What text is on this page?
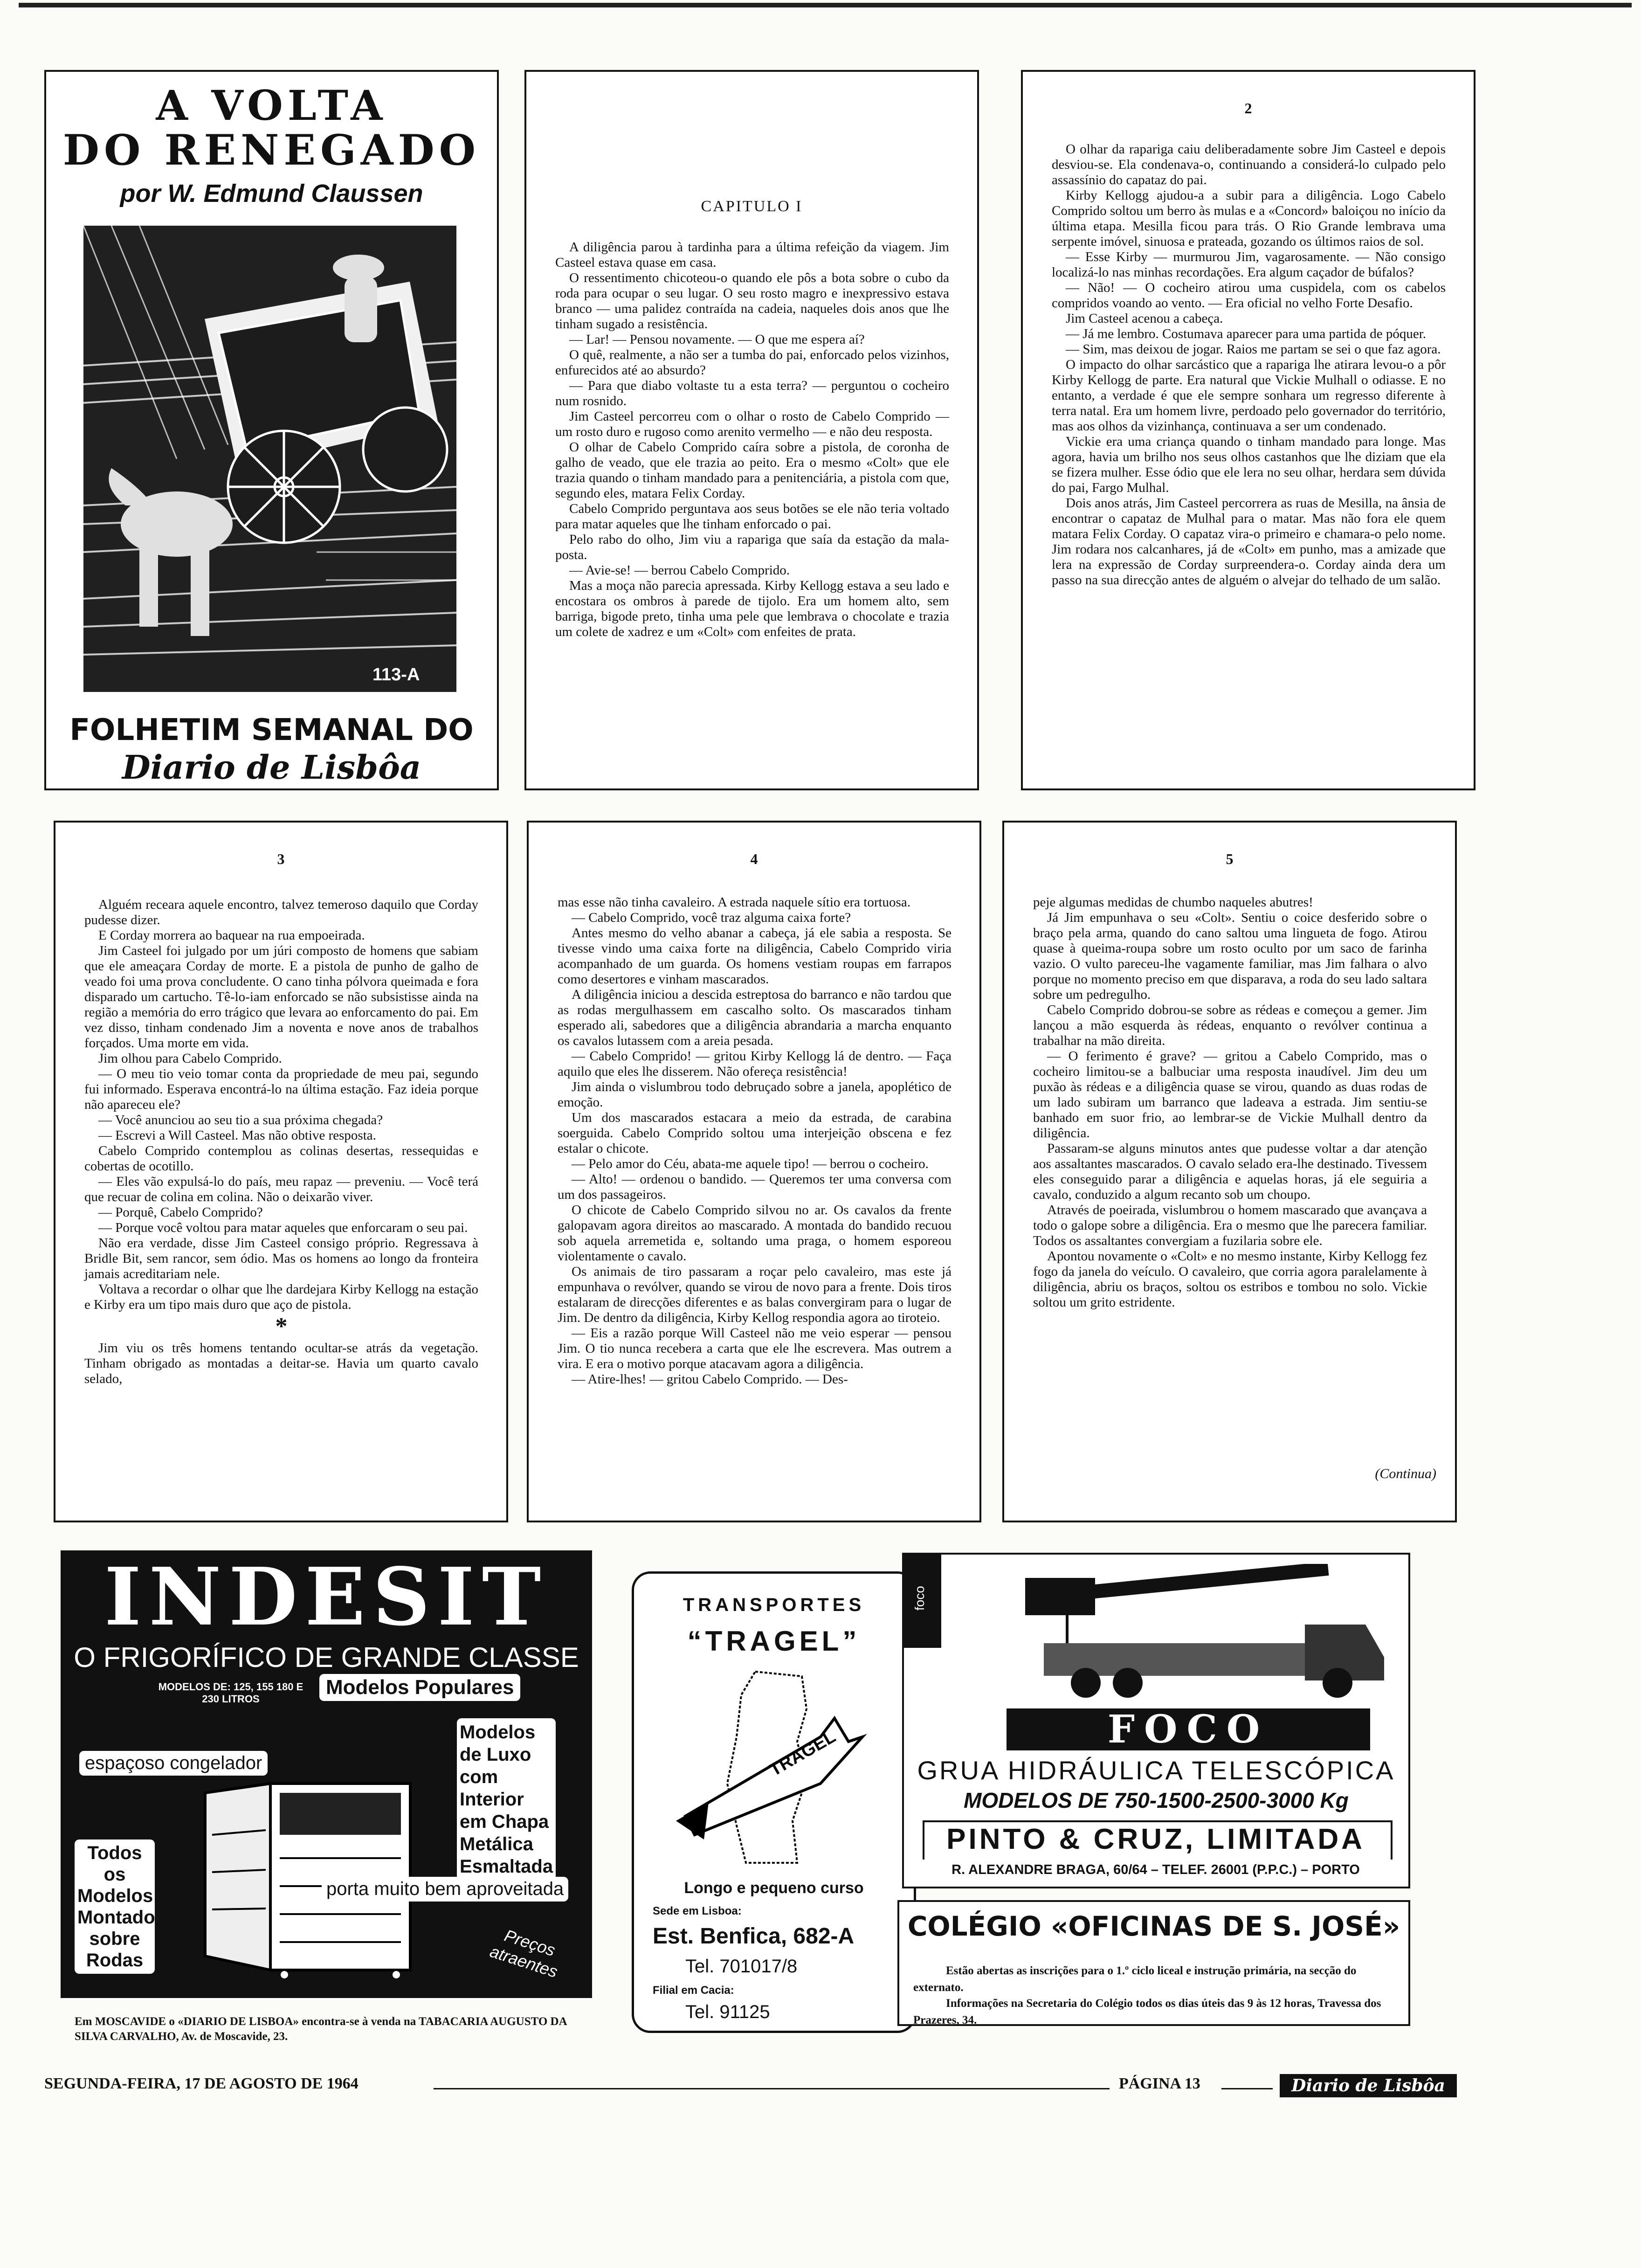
A VOLTA
DO RENEGADO
por W. Edmund Claussen
113-A
FOLHETIM SEMANAL DO
Diario de Lisbôa
CAPITULO I

A diligência parou à tardinha para a última refeição da viagem. Jim Casteel estava quase em casa.

O ressentimento chicoteou-o quando ele pôs a bota sobre o cubo da roda para ocupar o seu lugar. O seu rosto magro e inexpressivo estava branco — uma palidez contraída na cadeia, naqueles dois anos que lhe tinham sugado a resistência.

— Lar! — Pensou novamente. — O que me espera aí?

O quê, realmente, a não ser a tumba do pai, enforcado pelos vizinhos, enfurecidos até ao absurdo?

— Para que diabo voltaste tu a esta terra? — perguntou o cocheiro num rosnido.

Jim Casteel percorreu com o olhar o rosto de Cabelo Comprido — um rosto duro e rugoso como arenito vermelho — e não deu resposta.

O olhar de Cabelo Comprido caíra sobre a pistola, de coronha de galho de veado, que ele trazia ao peito. Era o mesmo «Colt» que ele trazia quando o tinham mandado para a penitenciária, a pistola com que, segundo eles, matara Felix Corday.

Cabelo Comprido perguntava aos seus botões se ele não teria voltado para matar aqueles que lhe tinham enforcado o pai.

Pelo rabo do olho, Jim viu a rapariga que saía da estação da mala-posta.

— Avie-se! — berrou Cabelo Comprido.

Mas a moça não parecia apressada. Kirby Kellogg estava a seu lado e encostara os ombros à parede de tijolo. Era um homem alto, sem barriga, bigode preto, tinha uma pele que lembrava o chocolate e trazia um colete de xadrez e um «Colt» com enfeites de prata.

2

O olhar da rapariga caiu deliberadamente sobre Jim Casteel e depois desviou-se. Ela condenava-o, continuando a considerá-lo culpado pelo assassínio do capataz do pai.

Kirby Kellogg ajudou-a a subir para a diligência. Logo Cabelo Comprido soltou um berro às mulas e a «Concord» baloiçou no início da última etapa. Mesilla ficou para trás. O Rio Grande lembrava uma serpente imóvel, sinuosa e prateada, gozando os últimos raios de sol.

— Esse Kirby — murmurou Jim, vagarosamente. — Não consigo localizá-lo nas minhas recordações. Era algum caçador de búfalos?

— Não! — O cocheiro atirou uma cuspidela, com os cabelos compridos voando ao vento. — Era oficial no velho Forte Desafio.

Jim Casteel acenou a cabeça.

— Já me lembro. Costumava aparecer para uma partida de póquer.

— Sim, mas deixou de jogar. Raios me partam se sei o que faz agora.

O impacto do olhar sarcástico que a rapariga lhe atirara levou-o a pôr Kirby Kellogg de parte. Era natural que Vickie Mulhall o odiasse. E no entanto, a verdade é que ele sempre sonhara um regresso diferente à terra natal. Era um homem livre, perdoado pelo governador do território, mas aos olhos da vizinhança, continuava a ser um condenado.

Vickie era uma criança quando o tinham mandado para longe. Mas agora, havia um brilho nos seus olhos castanhos que lhe diziam que ela se fizera mulher. Esse ódio que ele lera no seu olhar, herdara sem dúvida do pai, Fargo Mulhal.

Dois anos atrás, Jim Casteel percorrera as ruas de Mesilla, na ânsia de encontrar o capataz de Mulhal para o matar. Mas não fora ele quem matara Felix Corday. O capataz vira-o primeiro e chamara-o pelo nome. Jim rodara nos calcanhares, já de «Colt» em punho, mas a amizade que lera na expressão de Corday surpreendera-o. Corday ainda dera um passo na sua direcção antes de alguém o alvejar do telhado de um salão.

3

Alguém receara aquele encontro, talvez temeroso daquilo que Corday pudesse dizer.

E Corday morrera ao baquear na rua empoeirada.

Jim Casteel foi julgado por um júri composto de homens que sabiam que ele ameaçara Corday de morte. E a pistola de punho de galho de veado foi uma prova concludente. O cano tinha pólvora queimada e fora disparado um cartucho. Tê-lo-iam enforcado se não subsistisse ainda na região a memória do erro trágico que levara ao enforcamento do pai. Em vez disso, tinham condenado Jim a noventa e nove anos de trabalhos forçados. Uma morte em vida.

Jim olhou para Cabelo Comprido.

— O meu tio veio tomar conta da propriedade de meu pai, segundo fui informado. Esperava encontrá-lo na última estação. Faz ideia porque não apareceu ele?

— Você anunciou ao seu tio a sua próxima chegada?

— Escrevi a Will Casteel. Mas não obtive resposta.

Cabelo Comprido contemplou as colinas desertas, ressequidas e cobertas de ocotillo.

— Eles vão expulsá-lo do país, meu rapaz — preveniu. — Você terá que recuar de colina em colina. Não o deixarão viver.

— Porquê, Cabelo Comprido?

— Porque você voltou para matar aqueles que enforcaram o seu pai.

Não era verdade, disse Jim Casteel consigo próprio. Regressava à Bridle Bit, sem rancor, sem ódio. Mas os homens ao longo da fronteira jamais acreditariam nele.

Voltava a recordar o olhar que lhe dardejara Kirby Kellogg na estação e Kirby era um tipo mais duro que aço de pistola.

*

Jim viu os três homens tentando ocultar-se atrás da vegetação. Tinham obrigado as montadas a deitar-se. Havia um quarto cavalo selado,

4

mas esse não tinha cavaleiro. A estrada naquele sítio era tortuosa.

— Cabelo Comprido, você traz alguma caixa forte?

Antes mesmo do velho abanar a cabeça, já ele sabia a resposta. Se tivesse vindo uma caixa forte na diligência, Cabelo Comprido viria acompanhado de um guarda. Os homens vestiam roupas em farrapos como desertores e vinham mascarados.

A diligência iniciou a descida estreptosa do barranco e não tardou que as rodas mergulhassem em cascalho solto. Os mascarados tinham esperado ali, sabedores que a diligência abrandaria a marcha enquanto os cavalos lutassem com a areia pesada.

— Cabelo Comprido! — gritou Kirby Kellogg lá de dentro. — Faça aquilo que eles lhe disserem. Não ofereça resistência!

Jim ainda o vislumbrou todo debruçado sobre a janela, apoplético de emoção.

Um dos mascarados estacara a meio da estrada, de carabina soerguida. Cabelo Comprido soltou uma interjeição obscena e fez estalar o chicote.

— Pelo amor do Céu, abata-me aquele tipo! — berrou o cocheiro.

— Alto! — ordenou o bandido. — Queremos ter uma conversa com um dos passageiros.

O chicote de Cabelo Comprido silvou no ar. Os cavalos da frente galopavam agora direitos ao mascarado. A montada do bandido recuou sob aquela arremetida e, soltando uma praga, o homem esporeou violentamente o cavalo.

Os animais de tiro passaram a roçar pelo cavaleiro, mas este já empunhava o revólver, quando se virou de novo para a frente. Dois tiros estalaram de direcções diferentes e as balas convergiram para o lugar de Jim. De dentro da diligência, Kirby Kellog respondia agora ao tiroteio.

— Eis a razão porque Will Casteel não me veio esperar — pensou Jim. O tio nunca recebera a carta que ele lhe escrevera. Mas outrem a vira. E era o motivo porque atacavam agora a diligência.

— Atire-lhes! — gritou Cabelo Comprido. — Des-

5

peje algumas medidas de chumbo naqueles abutres!

Já Jim empunhava o seu «Colt». Sentiu o coice desferido sobre o braço pela arma, quando do cano saltou uma lingueta de fogo. Atirou quase à queima-roupa sobre um rosto oculto por um saco de farinha vazio. O vulto pareceu-lhe vagamente familiar, mas Jim falhara o alvo porque no momento preciso em que disparava, a roda do seu lado saltara sobre um pedregulho.

Cabelo Comprido dobrou-se sobre as rédeas e começou a gemer. Jim lançou a mão esquerda às rédeas, enquanto o revólver continua a trabalhar na mão direita.

— O ferimento é grave? — gritou a Cabelo Comprido, mas o cocheiro limitou-se a balbuciar uma resposta inaudível. Jim deu um puxão às rédeas e a diligência quase se virou, quando as duas rodas de um lado subiram um barranco que ladeava a estrada. Jim sentiu-se banhado em suor frio, ao lembrar-se de Vickie Mulhall dentro da diligência.

Passaram-se alguns minutos antes que pudesse voltar a dar atenção aos assaltantes mascarados. O cavalo selado era-lhe destinado. Tivessem eles conseguido parar a diligência e aquelas horas, já ele seguiria a cavalo, conduzido a algum recanto sob um choupo.

Através de poeirada, vislumbrou o homem mascarado que avançava a todo o galope sobre a diligência. Era o mesmo que lhe parecera familiar. Todos os assaltantes convergiam a fuzilaria sobre ele.

Apontou novamente o «Colt» e no mesmo instante, Kirby Kellogg fez fogo da janela do veículo. O cavaleiro, que corria agora paralelamente à diligência, abriu os braços, soltou os estribos e tombou no solo. Vickie soltou um grito estridente.

(Continua)
INDESIT
O FRIGORÍFICO DE GRANDE CLASSE
MODELOS DE: 125, 155 180 E 230 LITROS
Modelos Populares
Modelos de Luxo com Interior em Chapa Metálica Esmaltada
espaçoso congelador
Todos os Modelos Montados sobre Rodas
porta muito bem aproveitada
Preços atraentes
Em MOSCAVIDE o «DIARIO DE LISBOA» encontra-se à venda na TABACARIA AUGUSTO DA SILVA CARVALHO, Av. de Moscavide, 23.
TRANSPORTES
“TRAGEL”
TRAGEL
Longo e pequeno curso
Sede em Lisboa:
Est. Benfica, 682-A
Tel. 701017/8
Filial em Cacia:
Tel. 91125
foco
FOCO
GRUA HIDRÁULICA TELESCÓPICA
MODELOS DE 750-1500-2500-3000 Kg
PINTO & CRUZ, LIMITADA
R. ALEXANDRE BRAGA, 60/64 – TELEF. 26001 (P.P.C.) – PORTO
COLÉGIO «OFICINAS DE S. JOSÉ»
Estão abertas as inscrições para o 1.º ciclo liceal e instrução primária, na secção do externato.
Informações na Secretaria do Colégio todos os dias úteis das 9 às 12 horas, Travessa dos Prazeres, 34.
SEGUNDA-FEIRA, 17 DE AGOSTO DE 1964	PÁGINA 13	Diario de Lisbôa
